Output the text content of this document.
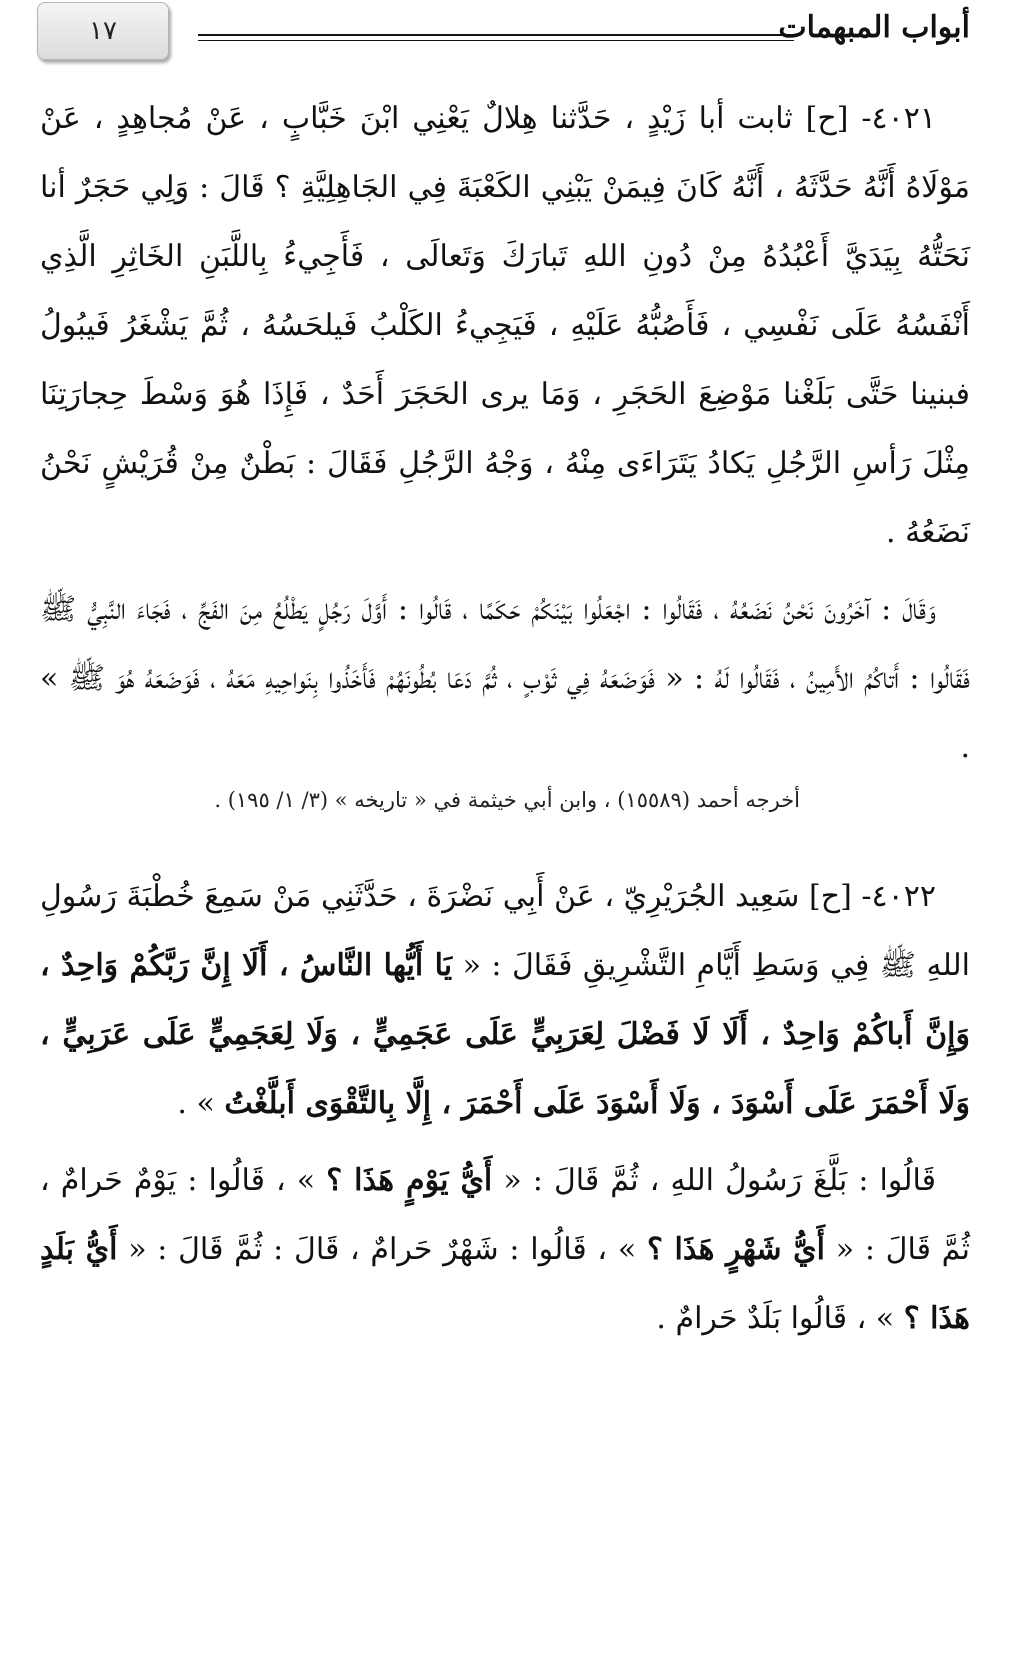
١٧	أبواب المبهمات

٤٠٢١- [ح] ثابت أبا زَيْدٍ ، حَدَّثنا هِلالٌ يَعْنِي ابْنَ خَبَّابٍ ، عَنْ مُجاهِدٍ ، عَنْ مَوْلَاهُ أَنَّهُ حَدَّثَهُ ، أَنَّهُ كَانَ فِيمَنْ يَبْنِي الكَعْبَةَ فِي الجَاهِلِيَّةِ ؟ قَالَ : وَلِي حَجَرٌ أنا نَحَتُّهُ بِيَدَيَّ أَعْبُدُهُ مِنْ دُونِ اللهِ تَبارَكَ وَتَعالَى ، فَأَجِيءُ بِاللَّبَنِ الخَاثِرِ الَّذِي أَنْفَسُهُ عَلَى نَفْسِي ، فَأَصُبُّهُ عَلَيْهِ ، فَيَجِيءُ الكَلْبُ فَيلحَسُهُ ، ثُمَّ يَشْغَرُ فَيبُولُ فبنينا حَتَّى بَلَغْنا مَوْضِعَ الحَجَرِ ، وَمَا يرى الحَجَرَ أَحَدٌ ، فَإِذَا هُوَ وَسْطَ حِجارَتِنَا مِثْلَ رَأسِ الرَّجُلِ يَكادُ يَتَرَاءَى مِنْهُ ، وَجْهُ الرَّجُلِ فَقَالَ : بَطْنٌ مِنْ قُرَيْشٍ نَحْنُ نَضَعُهُ .

وَقَالَ : آخَرُونَ نَحْنُ نَضَعُهُ ، فَقَالُوا : اجْعَلُوا بَيْنَكُمْ حَكَمًا ، قَالُوا : أَوَّلَ رَجُلٍ يَطْلُعُ مِنَ الفَجِّ ، فَجَاءَ النَّبِيُّ ﷺ فَقَالُوا : أَتاكُمُ الأَمِينُ ، فَقَالُوا لَهُ : « فَوَضَعَهُ فِي ثَوْبٍ ، ثُمَّ دَعَا بُطُونَهُمْ فَأَخَذُوا بِنَواحِيهِ مَعَهُ ، فَوَضَعَهُ هُوَ ﷺ » .

أخرجه أحمد (١٥٥٨٩) ، وابن أبي خيثمة في « تاريخه » (٣/ ١/ ١٩٥) .

٤٠٢٢- [ح] سَعِيد الجُرَيْرِيّ ، عَنْ أَبِي نَضْرَةَ ، حَدَّثَنِي مَنْ سَمِعَ خُطْبَةَ رَسُولِ اللهِ ﷺ فِي وَسَطِ أَيَّامِ التَّشْرِيقِ فَقَالَ : « يَا أَيُّها النَّاسُ ، أَلَا إِنَّ رَبَّكُمْ وَاحِدٌ ، وَإِنَّ أَباكُمْ وَاحِدٌ ، أَلَا لَا فَضْلَ لِعَرَبِيٍّ عَلَى عَجَمِيٍّ ، وَلَا لِعَجَمِيٍّ عَلَى عَرَبِيٍّ ، وَلَا أَحْمَرَ عَلَى أَسْوَدَ ، وَلَا أَسْوَدَ عَلَى أَحْمَرَ ، إِلَّا بِالتَّقْوَى أَبلَّغْتُ » .

قَالُوا : بَلَّغَ رَسُولُ اللهِ ، ثُمَّ قَالَ : « أَيُّ يَوْمٍ هَذَا ؟ » ، قَالُوا : يَوْمٌ حَرامٌ ، ثُمَّ قَالَ : « أَيُّ شَهْرٍ هَذَا ؟ » ، قَالُوا : شَهْرٌ حَرامٌ ، قَالَ : ثُمَّ قَالَ : « أَيُّ بَلَدٍ هَذَا ؟ » ، قَالُوا بَلَدٌ حَرامٌ .
